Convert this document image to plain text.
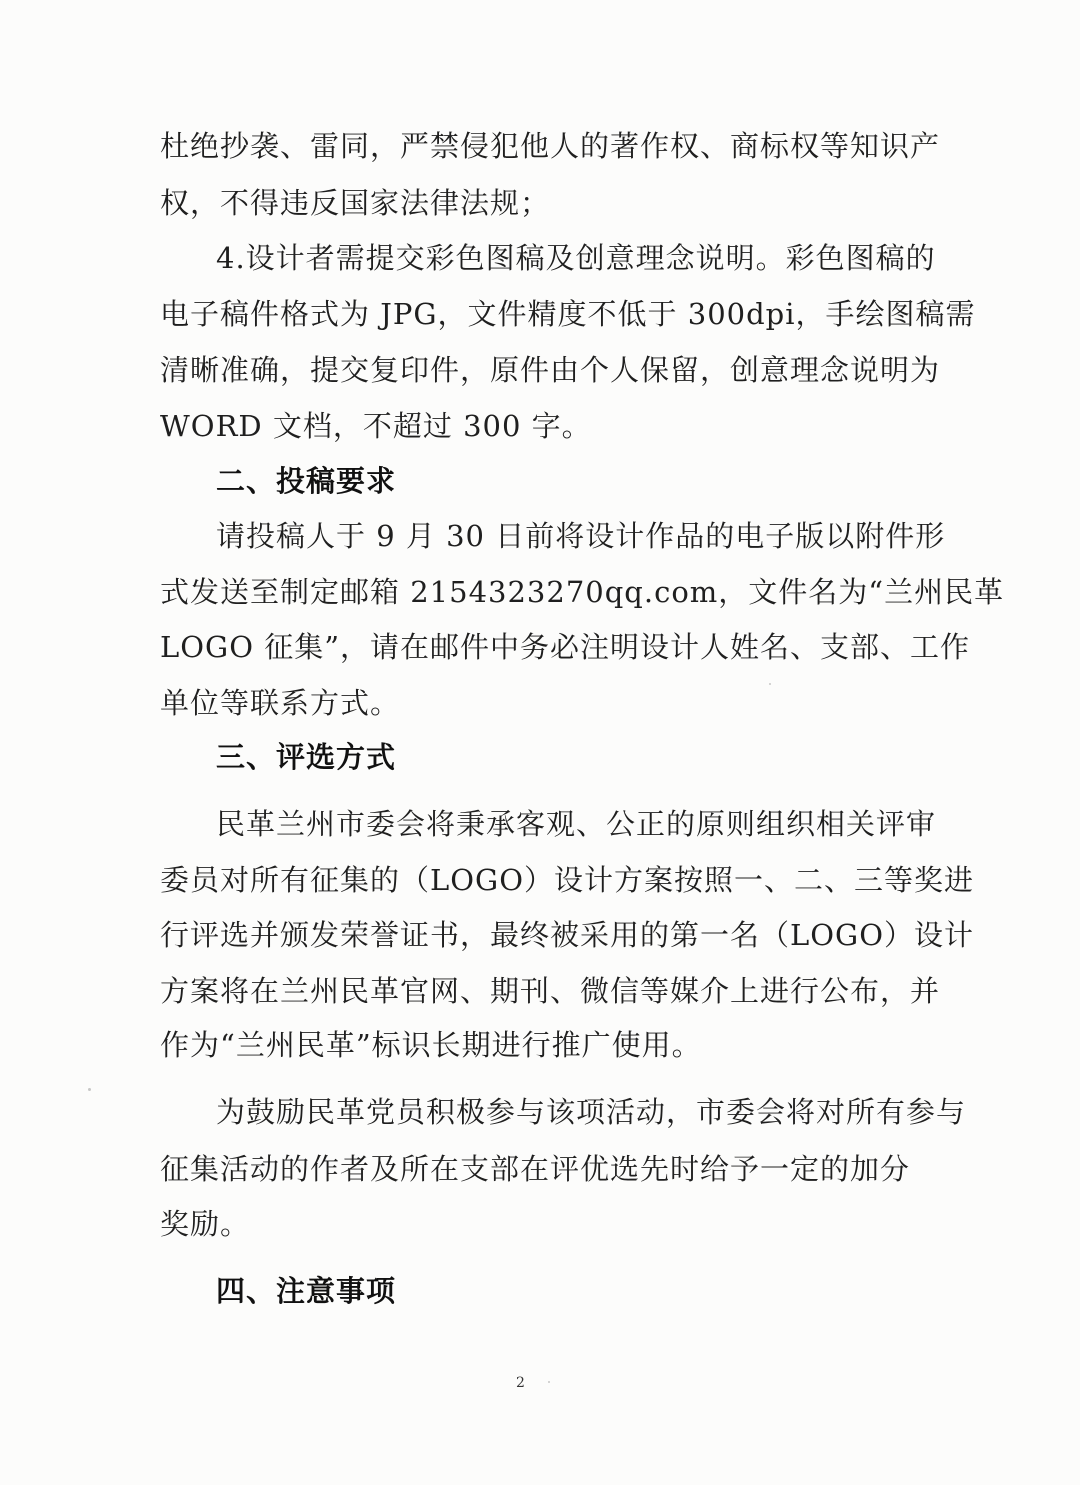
杜绝抄袭、雷同，严禁侵犯他人的著作权、商标权等知识产

权，不得违反国家法律法规；

4.设计者需提交彩色图稿及创意理念说明。彩色图稿的

电子稿件格式为 JPG，文件精度不低于 300dpi，手绘图稿需

清晰准确，提交复印件，原件由个人保留，创意理念说明为

WORD 文档，不超过 300 字。

二、投稿要求

请投稿人于 9 月 30 日前将设计作品的电子版以附件形

式发送至制定邮箱 2154323270qq.com，文件名为“兰州民革

LOGO 征集”，请在邮件中务必注明设计人姓名、支部、工作

单位等联系方式。

三、评选方式

民革兰州市委会将秉承客观、公正的原则组织相关评审

委员对所有征集的（LOGO）设计方案按照一、二、三等奖进

行评选并颁发荣誉证书，最终被采用的第一名（LOGO）设计

方案将在兰州民革官网、期刊、微信等媒介上进行公布，并

作为“兰州民革”标识长期进行推广使用。

为鼓励民革党员积极参与该项活动，市委会将对所有参与

征集活动的作者及所在支部在评优选先时给予一定的加分

奖励。

四、注意事项
2
